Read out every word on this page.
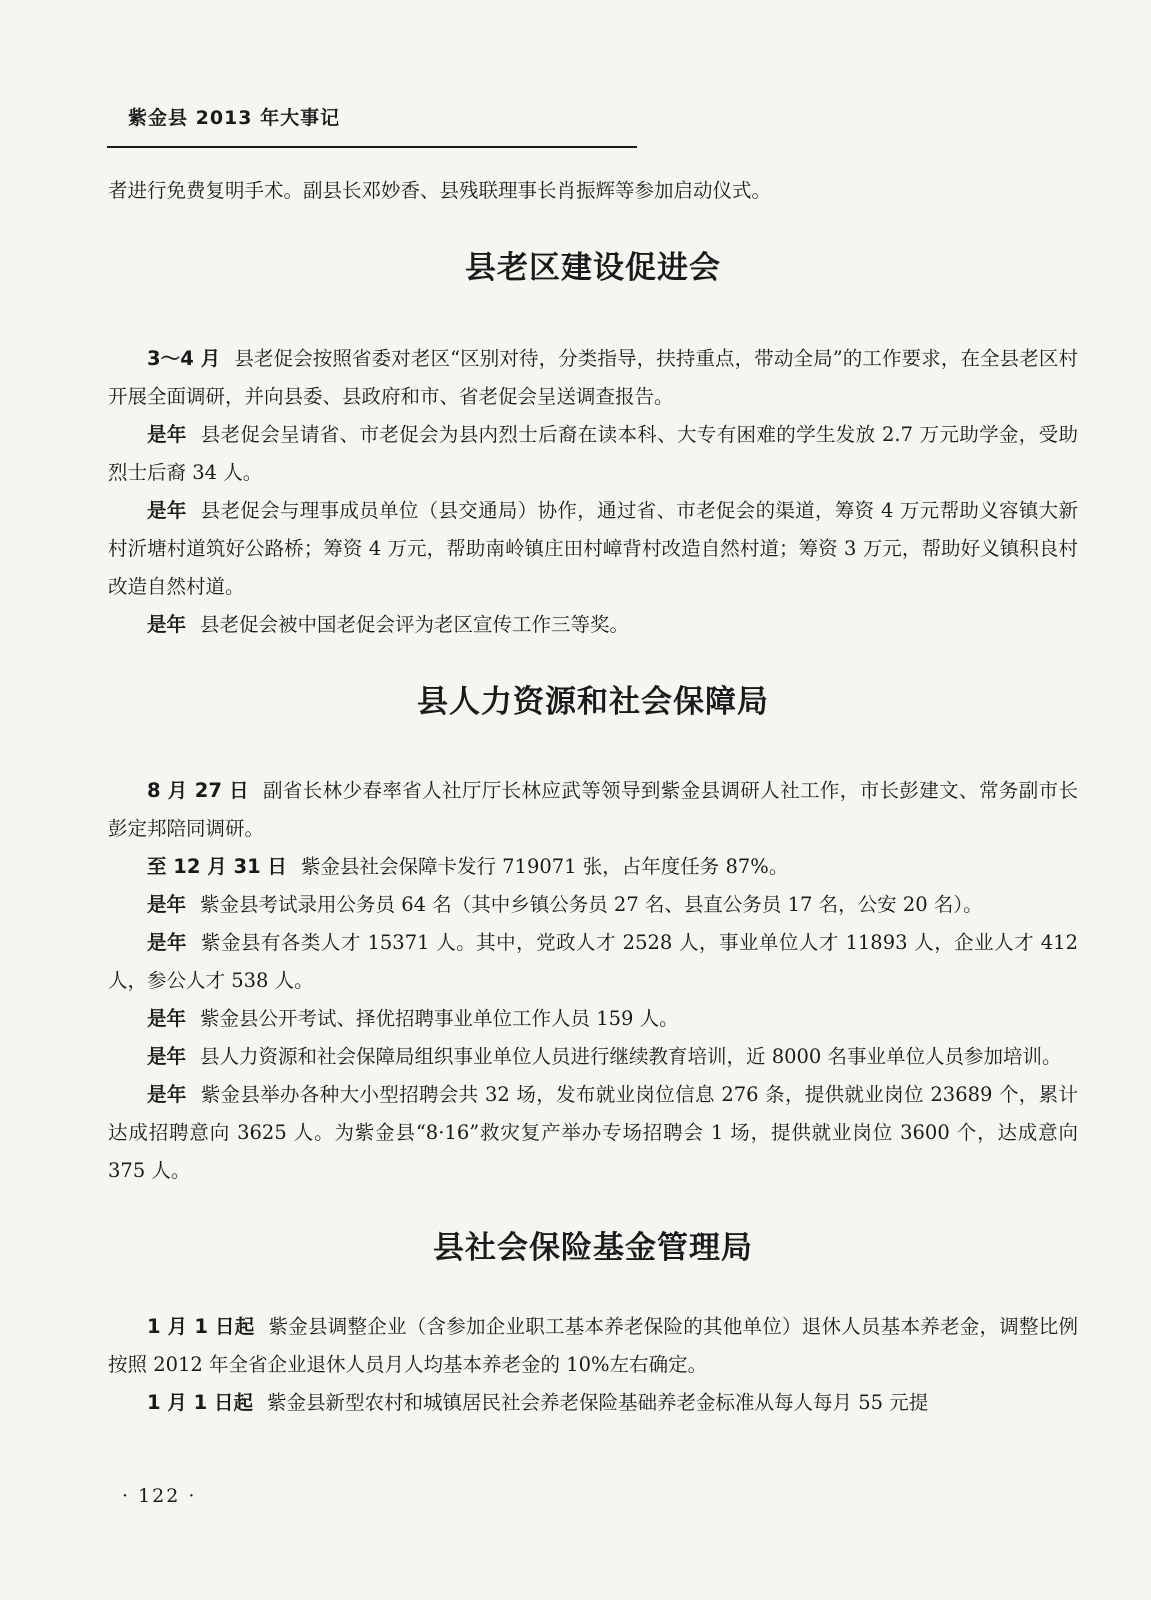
紫金县 2013 年大事记

者进行免费复明手术。副县长邓妙香、县残联理事长肖振辉等参加启动仪式。

县老区建设促进会

3～4 月 县老促会按照省委对老区“区别对待，分类指导，扶持重点，带动全局”的工作要求，在全县老区村开展全面调研，并向县委、县政府和市、省老促会呈送调查报告。

是年 县老促会呈请省、市老促会为县内烈士后裔在读本科、大专有困难的学生发放 2.7 万元助学金，受助烈士后裔 34 人。

是年 县老促会与理事成员单位（县交通局）协作，通过省、市老促会的渠道，筹资 4 万元帮助义容镇大新村沂塘村道筑好公路桥；筹资 4 万元，帮助南岭镇庄田村嶂背村改造自然村道；筹资 3 万元，帮助好义镇积良村改造自然村道。

是年 县老促会被中国老促会评为老区宣传工作三等奖。

县人力资源和社会保障局

8 月 27 日 副省长林少春率省人社厅厅长林应武等领导到紫金县调研人社工作，市长彭建文、常务副市长彭定邦陪同调研。

至 12 月 31 日 紫金县社会保障卡发行 719071 张，占年度任务 87%。

是年 紫金县考试录用公务员 64 名（其中乡镇公务员 27 名、县直公务员 17 名，公安 20 名）。

是年 紫金县有各类人才 15371 人。其中，党政人才 2528 人，事业单位人才 11893 人，企业人才 412 人，参公人才 538 人。

是年 紫金县公开考试、择优招聘事业单位工作人员 159 人。

是年 县人力资源和社会保障局组织事业单位人员进行继续教育培训，近 8000 名事业单位人员参加培训。

是年 紫金县举办各种大小型招聘会共 32 场，发布就业岗位信息 276 条，提供就业岗位 23689 个，累计达成招聘意向 3625 人。为紫金县“8·16”救灾复产举办专场招聘会 1 场，提供就业岗位 3600 个，达成意向 375 人。

县社会保险基金管理局

1 月 1 日起 紫金县调整企业（含参加企业职工基本养老保险的其他单位）退休人员基本养老金，调整比例按照 2012 年全省企业退休人员月人均基本养老金的 10%左右确定。

1 月 1 日起 紫金县新型农村和城镇居民社会养老保险基础养老金标准从每人每月 55 元提

· 122 ·
